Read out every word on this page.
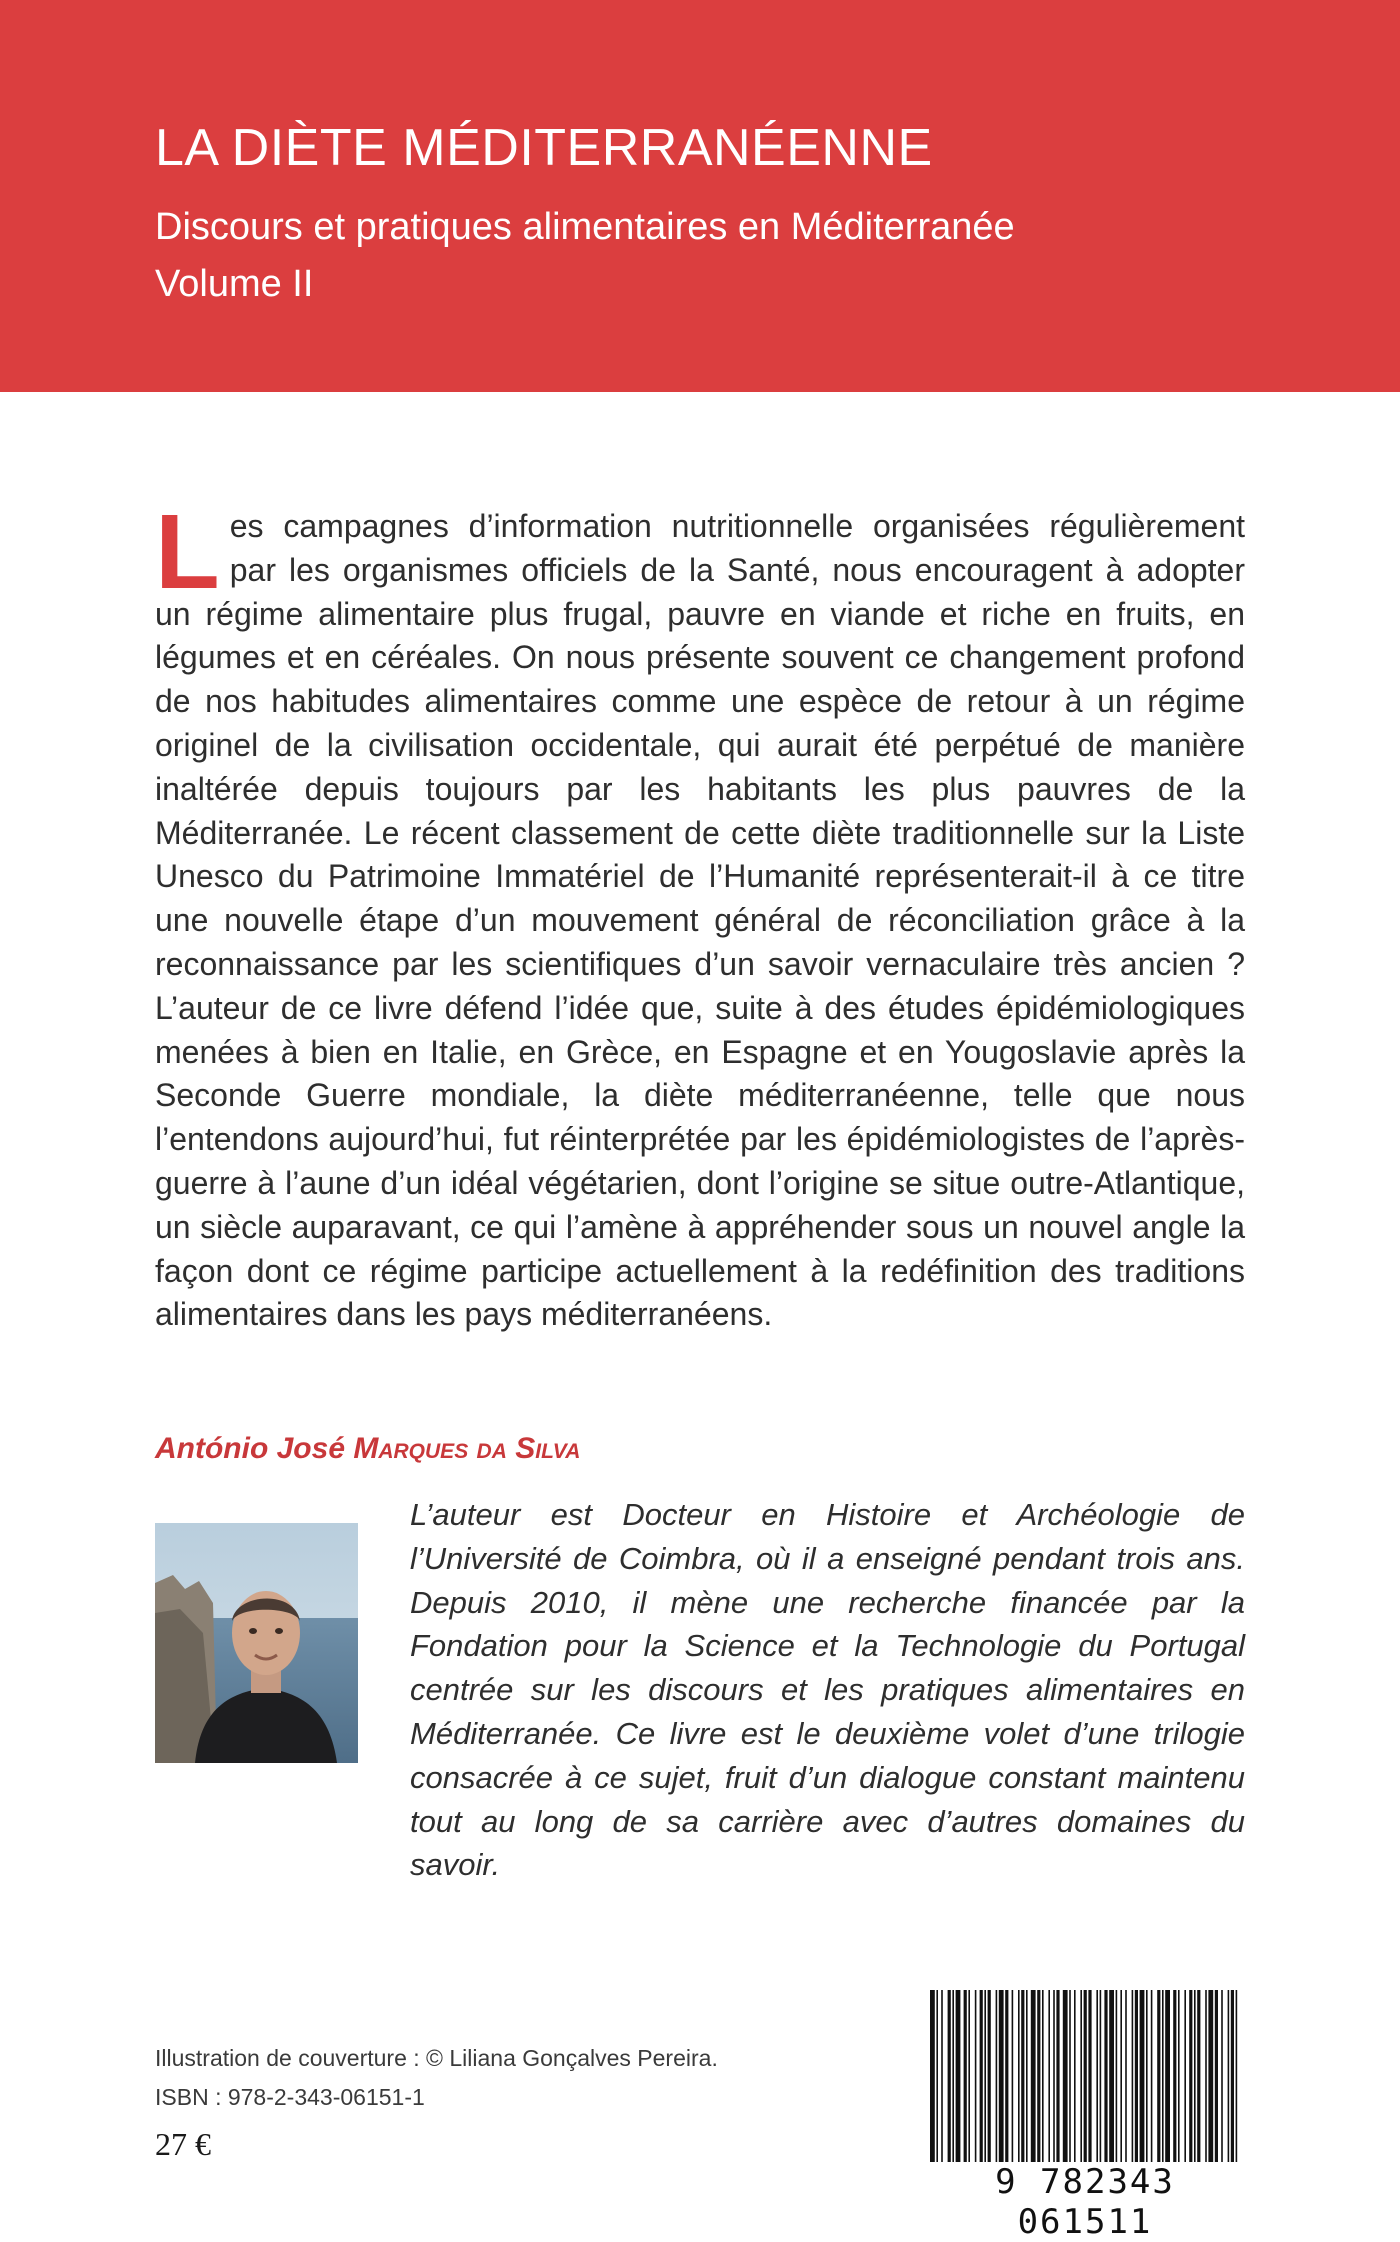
LA DIÈTE MÉDITERRANÉENNE
Discours et pratiques alimentaires en Méditerranée
Volume II
Les campagnes d’information nutritionnelle organisées régulièrement par les organismes officiels de la Santé, nous encouragent à adopter un régime alimentaire plus frugal, pauvre en viande et riche en fruits, en légumes et en céréales. On nous présente souvent ce changement profond de nos habitudes alimentaires comme une espèce de retour à un régime originel de la civilisation occidentale, qui aurait été perpétué de manière inaltérée depuis toujours par les habitants les plus pauvres de la Méditerranée. Le récent classement de cette diète traditionnelle sur la Liste Unesco du Patrimoine Immatériel de l’Humanité représenterait-il à ce titre une nouvelle étape d’un mouvement général de réconciliation grâce à la reconnaissance par les scientifiques d’un savoir vernaculaire très ancien ? L’auteur de ce livre défend l’idée que, suite à des études épidémiologiques menées à bien en Italie, en Grèce, en Espagne et en Yougoslavie après la Seconde Guerre mondiale, la diète méditerranéenne, telle que nous l’entendons aujourd’hui, fut réinterprétée par les épidémiologistes de l’après-guerre à l’aune d’un idéal végétarien, dont l’origine se situe outre-Atlantique, un siècle auparavant, ce qui l’amène à appréhender sous un nouvel angle la façon dont ce régime participe actuellement à la redéfinition des traditions alimentaires dans les pays méditerranéens.
António José Marques da Silva
L’auteur est Docteur en Histoire et Archéologie de l’Université de Coimbra, où il a enseigné pendant trois ans. Depuis 2010, il mène une recherche financée par la Fondation pour la Science et la Technologie du Portugal centrée sur les discours et les pratiques alimentaires en Méditerranée. Ce livre est le deuxième volet d’une trilogie consacrée à ce sujet, fruit d’un dialogue constant maintenu tout au long de sa carrière avec d’autres domaines du savoir.
Illustration de couverture : © Liliana Gonçalves Pereira.
ISBN : 978-2-343-06151-1
27 €
9 782343 061511
